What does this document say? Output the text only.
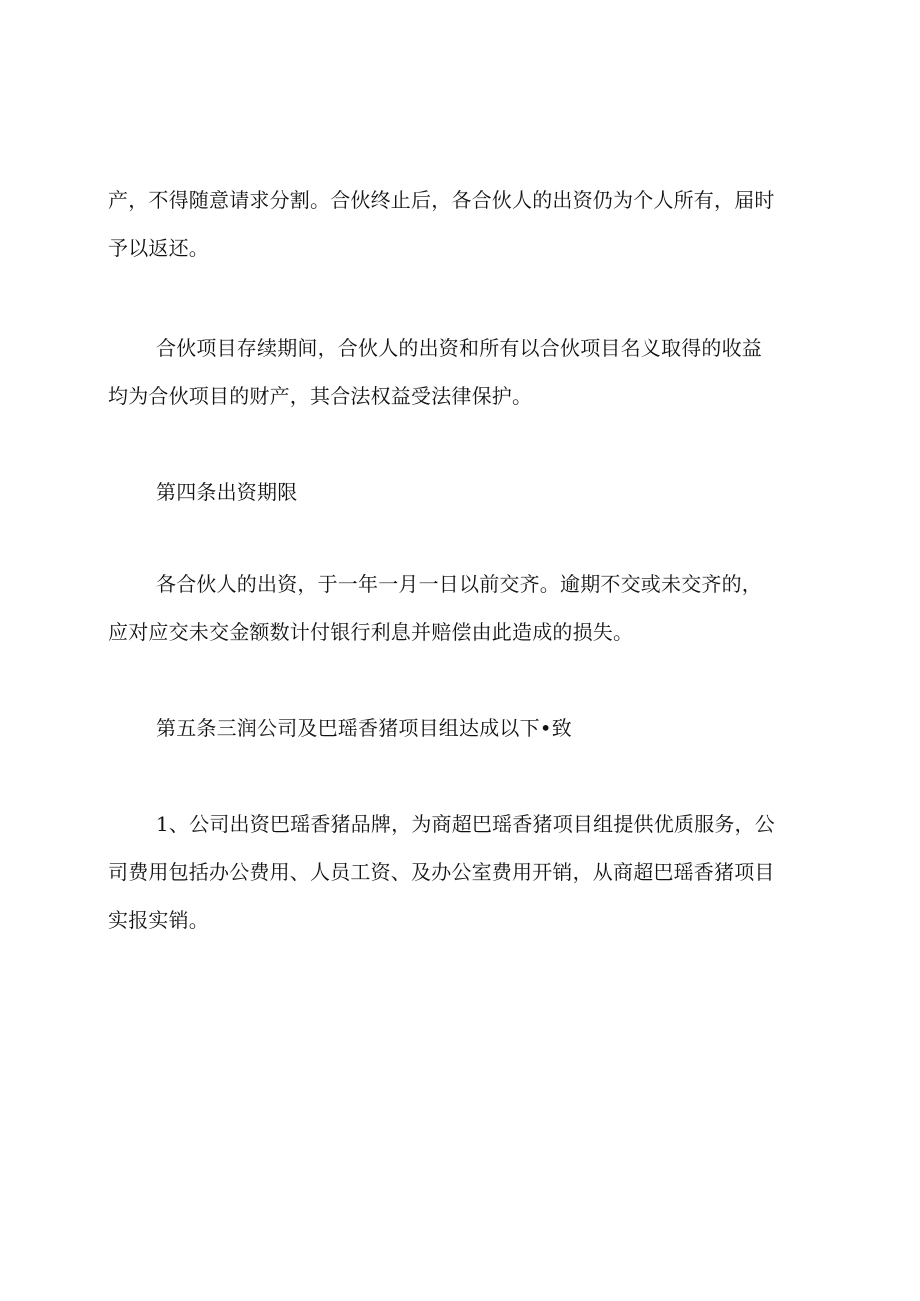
产，不得随意请求分割。合伙终止后，各合伙人的出资仍为个人所有，届时

予以返还。

合伙项目存续期间，合伙人的出资和所有以合伙项目名义取得的收益

均为合伙项目的财产，其合法权益受法律保护。

第四条出资期限

各合伙人的出资，于一年一月一日以前交齐。逾期不交或未交齐的，

应对应交未交金额数计付银行利息并赔偿由此造成的损失。

第五条三润公司及巴瑶香猪项目组达成以下•致

1、公司出资巴瑶香猪品牌，为商超巴瑶香猪项目组提供优质服务，公

司费用包括办公费用、人员工资、及办公室费用开销，从商超巴瑶香猪项目

实报实销。
